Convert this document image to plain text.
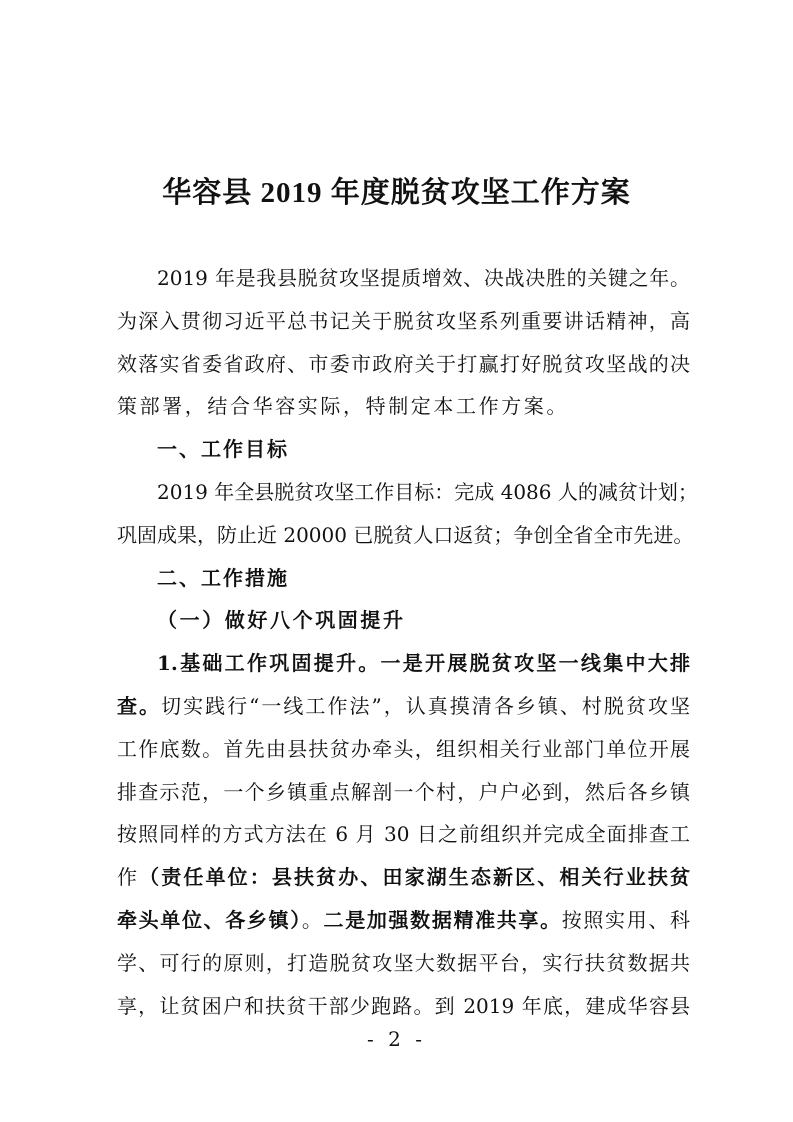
华容县 2019 年度脱贫攻坚工作方案
2019 年是我县脱贫攻坚提质增效、决战决胜的关键之年。
为深入贯彻习近平总书记关于脱贫攻坚系列重要讲话精神，高
效落实省委省政府、市委市政府关于打赢打好脱贫攻坚战的决
策部署，结合华容实际，特制定本工作方案。
一、工作目标
2019 年全县脱贫攻坚工作目标：完成 4086 人的减贫计划；
巩固成果，防止近 20000 已脱贫人口返贫；争创全省全市先进。
二、工作措施
（一）做好八个巩固提升
1.基础工作巩固提升。一是开展脱贫攻坚一线集中大排
查。切实践行“一线工作法”，认真摸清各乡镇、村脱贫攻坚
工作底数。首先由县扶贫办牵头，组织相关行业部门单位开展
排查示范，一个乡镇重点解剖一个村，户户必到，然后各乡镇
按照同样的方式方法在 6 月 30 日之前组织并完成全面排查工
作（责任单位：县扶贫办、田家湖生态新区、相关行业扶贫
牵头单位、各乡镇）。二是加强数据精准共享。按照实用、科
学、可行的原则，打造脱贫攻坚大数据平台，实行扶贫数据共
享，让贫困户和扶贫干部少跑路。到 2019 年底，建成华容县
- 2 -
